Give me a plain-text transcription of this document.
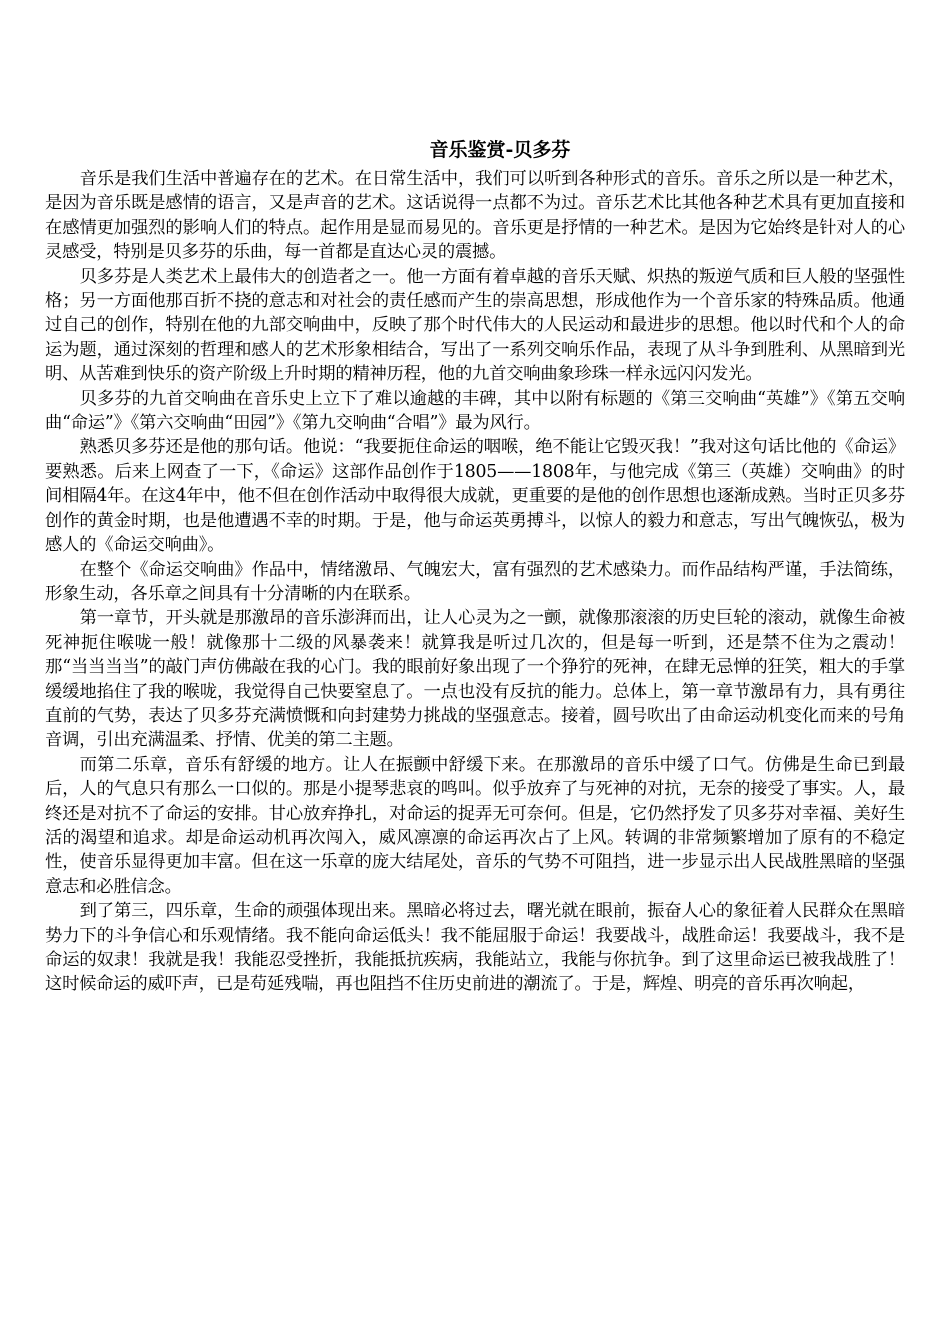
音乐鉴赏-贝多芬

音乐是我们生活中普遍存在的艺术。在日常生活中，我们可以听到各种形式的音乐。音乐之所以是一种艺术，是因为音乐既是感情的语言，又是声音的艺术。这话说得一点都不为过。音乐艺术比其他各种艺术具有更加直接和在感情更加强烈的影响人们的特点。起作用是显而易见的。音乐更是抒情的一种艺术。是因为它始终是针对人的心灵感受，特别是贝多芬的乐曲，每一首都是直达心灵的震撼。

贝多芬是人类艺术上最伟大的创造者之一。他一方面有着卓越的音乐天赋、炽热的叛逆气质和巨人般的坚强性格；另一方面他那百折不挠的意志和对社会的责任感而产生的崇高思想，形成他作为一个音乐家的特殊品质。他通过自己的创作，特别在他的九部交响曲中，反映了那个时代伟大的人民运动和最进步的思想。他以时代和个人的命运为题，通过深刻的哲理和感人的艺术形象相结合，写出了一系列交响乐作品，表现了从斗争到胜利、从黑暗到光明、从苦难到快乐的资产阶级上升时期的精神历程，他的九首交响曲象珍珠一样永远闪闪发光。

贝多芬的九首交响曲在音乐史上立下了难以逾越的丰碑，其中以附有标题的《第三交响曲“英雄”》《第五交响曲“命运”》《第六交响曲“田园”》《第九交响曲“合唱”》最为风行。

熟悉贝多芬还是他的那句话。他说：“我要扼住命运的咽喉，绝不能让它毁灭我！”我对这句话比他的《命运》要熟悉。后来上网查了一下，《命运》这部作品创作于1805——1808年，与他完成《第三（英雄）交响曲》的时间相隔4年。在这4年中，他不但在创作活动中取得很大成就，更重要的是他的创作思想也逐渐成熟。当时正贝多芬创作的黄金时期，也是他遭遇不幸的时期。于是，他与命运英勇搏斗，以惊人的毅力和意志，写出气魄恢弘，极为感人的《命运交响曲》。

在整个《命运交响曲》作品中，情绪激昂、气魄宏大，富有强烈的艺术感染力。而作品结构严谨，手法简练，形象生动，各乐章之间具有十分清晰的内在联系。

第一章节，开头就是那激昂的音乐澎湃而出，让人心灵为之一颤，就像那滚滚的历史巨轮的滚动，就像生命被死神扼住喉咙一般！就像那十二级的风暴袭来！就算我是听过几次的，但是每一听到，还是禁不住为之震动！那“当当当当”的敲门声仿佛敲在我的心门。我的眼前好象出现了一个狰狞的死神，在肆无忌惮的狂笑，粗大的手掌缓缓地掐住了我的喉咙，我觉得自己快要窒息了。一点也没有反抗的能力。总体上，第一章节激昂有力，具有勇往直前的气势，表达了贝多芬充满愤慨和向封建势力挑战的坚强意志。接着，圆号吹出了由命运动机变化而来的号角音调，引出充满温柔、抒情、优美的第二主题。

而第二乐章，音乐有舒缓的地方。让人在振颤中舒缓下来。在那激昂的音乐中缓了口气。仿佛是生命已到最后，人的气息只有那么一口似的。那是小提琴悲哀的鸣叫。似乎放弃了与死神的对抗，无奈的接受了事实。人，最终还是对抗不了命运的安排。甘心放弃挣扎，对命运的捉弄无可奈何。但是，它仍然抒发了贝多芬对幸福、美好生活的渴望和追求。却是命运动机再次闯入，威风凛凛的命运再次占了上风。转调的非常频繁增加了原有的不稳定性，使音乐显得更加丰富。但在这一乐章的庞大结尾处，音乐的气势不可阻挡，进一步显示出人民战胜黑暗的坚强意志和必胜信念。

到了第三，四乐章，生命的顽强体现出来。黑暗必将过去，曙光就在眼前，振奋人心的象征着人民群众在黑暗势力下的斗争信心和乐观情绪。我不能向命运低头！我不能屈服于命运！我要战斗，战胜命运！我要战斗，我不是命运的奴隶！我就是我！我能忍受挫折，我能抵抗疾病，我能站立，我能与你抗争。到了这里命运已被我战胜了！这时候命运的威吓声，已是苟延残喘，再也阻挡不住历史前进的潮流了。于是，辉煌、明亮的音乐再次响起，
